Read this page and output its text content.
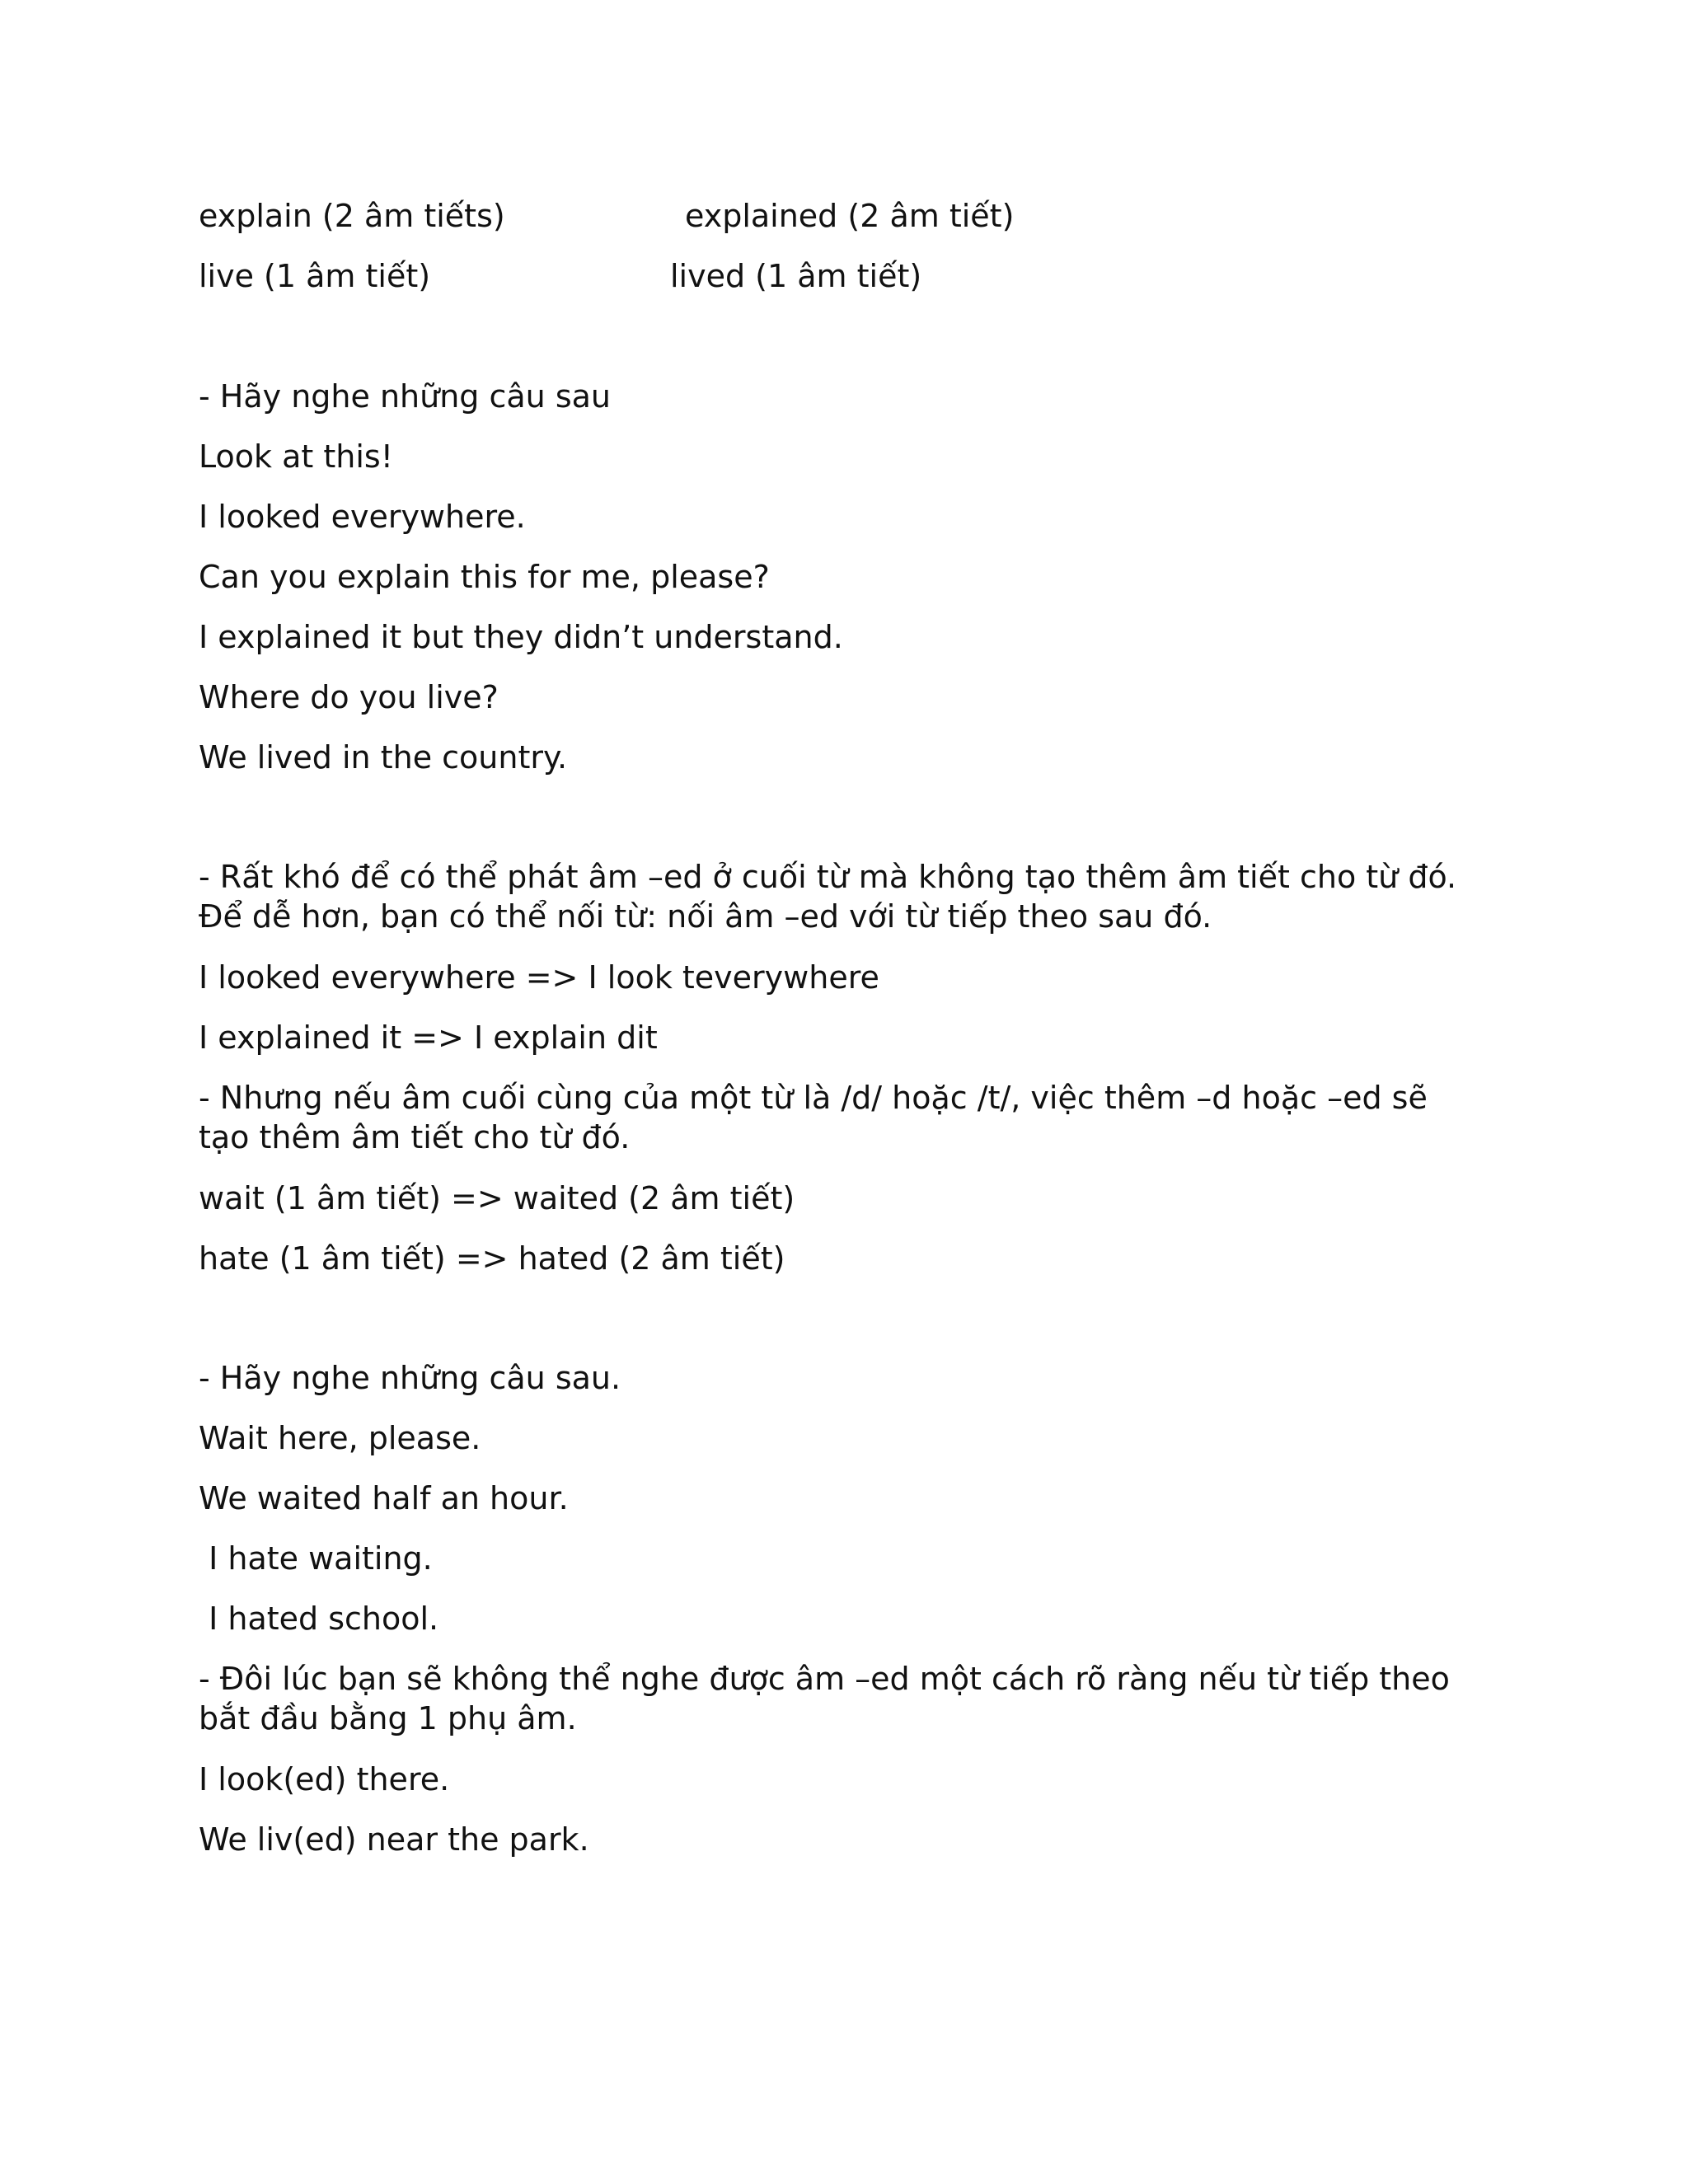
explain (2 âm tiếts)	explained (2 âm tiết)
live (1 âm tiết)	lived (1 âm tiết)
- Hãy nghe những câu sau
Look at this!
I looked everywhere.
Can you explain this for me, please?
I explained it but they didn’t understand.
Where do you live?
We lived in the country.
- Rất khó để có thể phát âm –ed ở cuối từ mà không tạo thêm âm tiết cho từ đó. Để dễ hơn, bạn có thể nối từ: nối âm –ed với từ tiếp theo sau đó.
I looked everywhere => I look teverywhere
I explained it => I explain dit
- Nhưng nếu âm cuối cùng của một từ là /d/ hoặc /t/, việc thêm –d hoặc –ed sẽ tạo thêm âm tiết cho từ đó.
wait (1 âm tiết) => waited (2 âm tiết)
hate (1 âm tiết) => hated (2 âm tiết)
- Hãy nghe những câu sau.
Wait here, please.
We waited half an hour.
I hate waiting.
I hated school.
- Đôi lúc bạn sẽ không thể nghe được âm –ed một cách rõ ràng nếu từ tiếp theo bắt đầu bằng 1 phụ âm.
I look(ed) there.
We liv(ed) near the park.
